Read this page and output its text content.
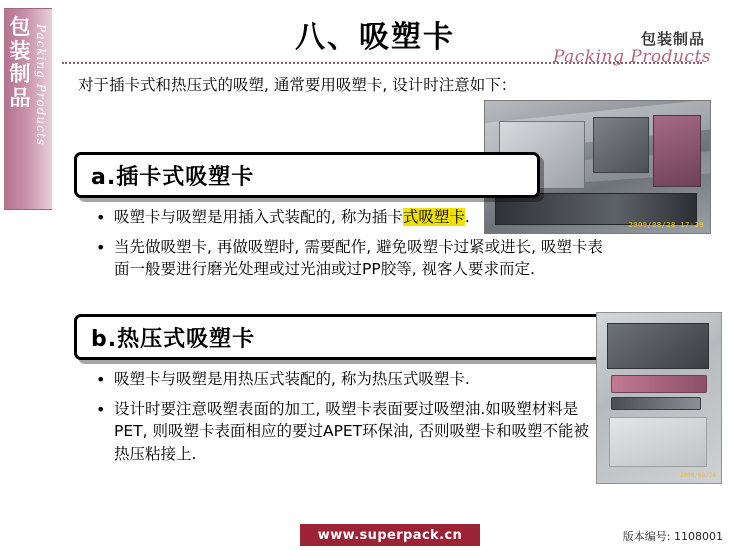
包装制品 Packing Products	八、吸塑卡	包装制品
Packing Products
对于插卡式和热压式的吸塑, 通常要用吸塑卡, 设计时注意如下：
2009/08/28 17:39
a.插卡式吸塑卡
• 吸塑卡与吸塑是用插入式装配的, 称为插卡式吸塑卡.
• 当先做吸塑卡, 再做吸塑时, 需要配作, 避免吸塑卡过紧或进长, 吸塑卡表面一般要进行磨光处理或过光油或过PP胶等, 视客人要求而定.
b.热压式吸塑卡
• 吸塑卡与吸塑是用热压式装配的, 称为热压式吸塑卡.
• 设计时要注意吸塑表面的加工, 吸塑卡表面要过吸塑油.如吸塑材料是PET, 则吸塑卡表面相应的要过APET环保油, 否则吸塑卡和吸塑不能被热压粘接上.
2009/08/28
www.superpack.cn	版本编号: 1108001
